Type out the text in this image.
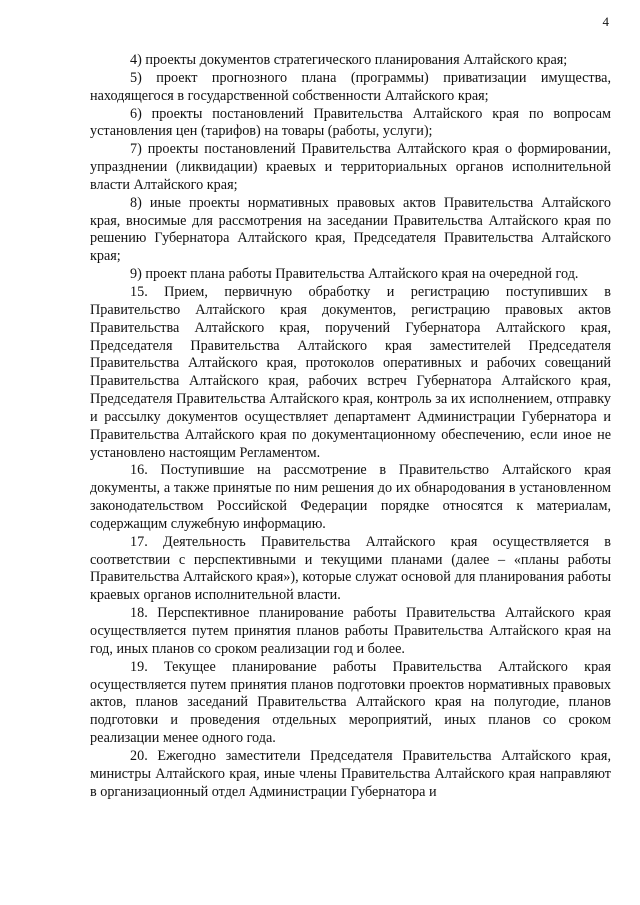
4

4) проекты документов стратегического планирования Алтайского края;

5) проект прогнозного плана (программы) приватизации имущества, находящегося в государственной собственности Алтайского края;

6) проекты постановлений Правительства Алтайского края по вопросам установления цен (тарифов) на товары (работы, услуги);

7) проекты постановлений Правительства Алтайского края о формировании, упразднении (ликвидации) краевых и территориальных органов исполнительной власти Алтайского края;

8) иные проекты нормативных правовых актов Правительства Алтайского края, вносимые для рассмотрения на заседании Правительства Алтайского края по решению Губернатора Алтайского края, Председателя Правительства Алтайского края;

9) проект плана работы Правительства Алтайского края на очередной год.

15. Прием, первичную обработку и регистрацию поступивших в Правительство Алтайского края документов, регистрацию правовых актов Правительства Алтайского края, поручений Губернатора Алтайского края, Председателя Правительства Алтайского края заместителей Председателя Правительства Алтайского края, протоколов оперативных и рабочих совещаний Правительства Алтайского края, рабочих встреч Губернатора Алтайского края, Председателя Правительства Алтайского края, контроль за их исполнением, отправку и рассылку документов осуществляет департамент Администрации Губернатора и Правительства Алтайского края по документационному обеспечению, если иное не установлено настоящим Регламентом.

16. Поступившие на рассмотрение в Правительство Алтайского края документы, а также принятые по ним решения до их обнародования в установленном законодательством Российской Федерации порядке относятся к материалам, содержащим служебную информацию.

17. Деятельность Правительства Алтайского края осуществляется в соответствии с перспективными и текущими планами (далее – «планы работы Правительства Алтайского края»), которые служат основой для планирования работы краевых органов исполнительной власти.

18. Перспективное планирование работы Правительства Алтайского края осуществляется путем принятия планов работы Правительства Алтайского края на год, иных планов со сроком реализации год и более.

19. Текущее планирование работы Правительства Алтайского края осуществляется путем принятия планов подготовки проектов нормативных правовых актов, планов заседаний Правительства Алтайского края на полугодие, планов подготовки и проведения отдельных мероприятий, иных планов со сроком реализации менее одного года.

20. Ежегодно заместители Председателя Правительства Алтайского края, министры Алтайского края, иные члены Правительства Алтайского края направляют в организационный отдел Администрации Губернатора и
